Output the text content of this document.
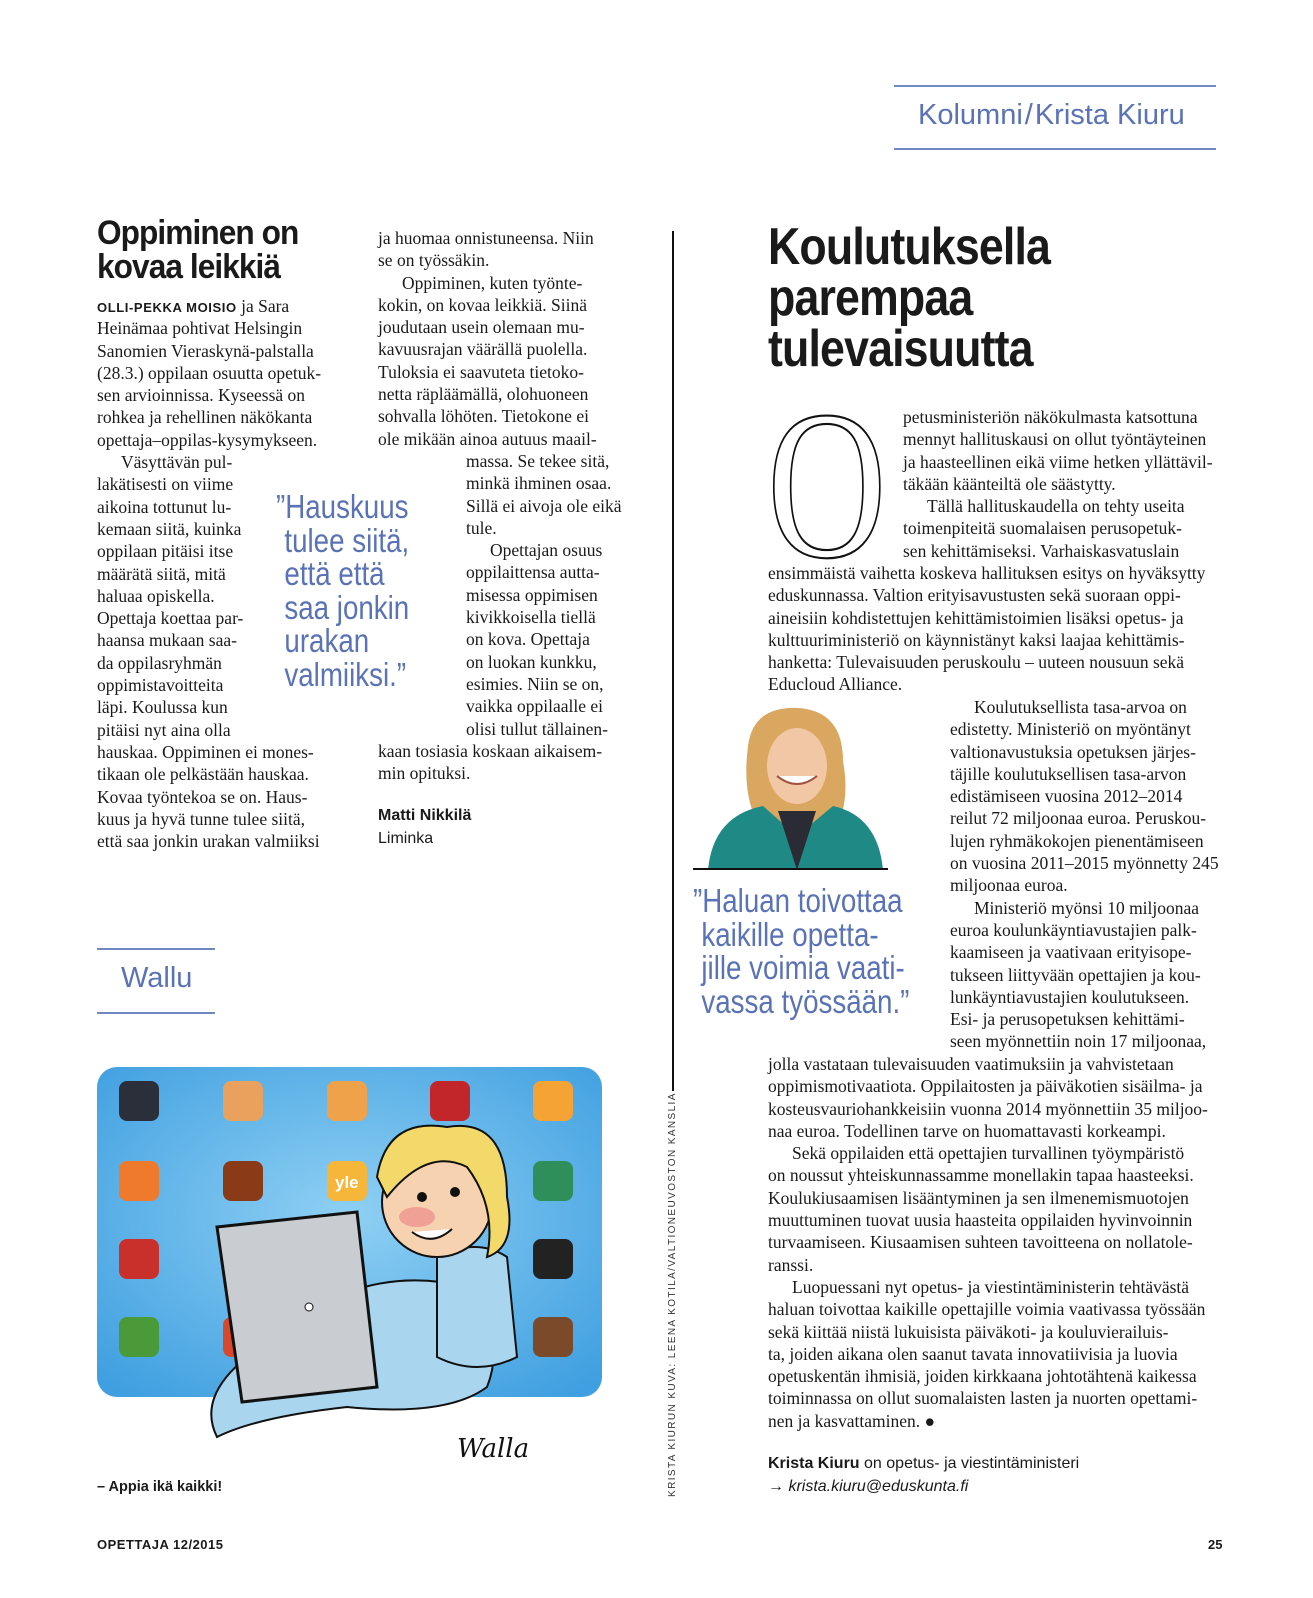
Kolumni/Krista Kiuru
Oppiminen on
kovaa leikkiä
OLLI-PEKKA MOISIO ja Sara
Heinämaa pohtivat Helsingin
Sanomien Vieraskynä-palstalla
(28.3.) oppilaan osuutta opetuk-
sen arvioinnissa. Kyseessä on
rohkea ja rehellinen näkökanta
opettaja–oppilas-kysymykseen.
Väsyttävän pul-
lakätisesti on viime
aikoina tottunut lu-
kemaan siitä, kuinka
oppilaan pitäisi itse
määrätä siitä, mitä
haluaa opiskella.
Opettaja koettaa par-
haansa mukaan saa-
da oppilasryhmän
oppimistavoitteita
läpi. Koulussa kun
pitäisi nyt aina olla
hauskaa. Oppiminen ei mones-
tikaan ole pelkästään hauskaa.
Kovaa työntekoa se on. Haus-
kuus ja hyvä tunne tulee siitä,
että saa jonkin urakan valmiiksi
ja huomaa onnistuneensa. Niin
se on työssäkin.
Oppiminen, kuten työnte-
kokin, on kovaa leikkiä. Siinä
joudutaan usein olemaan mu-
kavuusrajan väärällä puolella.
Tuloksia ei saavuteta tietoko-
netta räpläämällä, olohuoneen
sohvalla löhöten. Tietokone ei
ole mikään ainoa autuus maail-
massa. Se tekee sitä,
minkä ihminen osaa.
Sillä ei aivoja ole eikä
tule.
Opettajan osuus
oppilaittensa autta-
misessa oppimisen
kivikkoisella tiellä
on kova. Opettaja
on luokan kunkku,
esimies. Niin se on,
vaikka oppilaalle ei
olisi tullut tällainen-
kaan tosiasia koskaan aikaisem-
min opituksi.
”Hauskuus
tulee siitä,
että että
saa jonkin
urakan
valmiiksi.”
Matti Nikkilä
Liminka
Wallu
yle
Walla
– Appia ikä kaikki!	KRISTA KIURUN KUVA: LEENA KOTILA/VALTIONEUVOSTON KANSLIA
Koulutuksella
parempaa
tulevaisuutta
O petusministeriön näkökulmasta katsottuna
mennyt hallituskausi on ollut työntäyteinen
ja haasteellinen eikä viime hetken yllättävil-
täkään käänteiltä ole säästytty.
Tällä hallituskaudella on tehty useita
toimenpiteitä suomalaisen perusopetuk-
sen kehittämiseksi. Varhaiskasvatuslain
ensimmäistä vaihetta koskeva hallituksen esitys on hyväksytty
eduskunnassa. Valtion erityisavustusten sekä suoraan oppi-
aineisiin kohdistettujen kehittämistoimien lisäksi opetus- ja
kulttuuriministeriö on käynnistänyt kaksi laajaa kehittämis-
hanketta: Tulevaisuuden peruskoulu – uuteen nousuun sekä
Educloud Alliance.
Koulutuksellista tasa-arvoa on
edistetty. Ministeriö on myöntänyt
valtionavustuksia opetuksen järjes-
täjille koulutuksellisen tasa-arvon
edistämiseen vuosina 2012–2014
reilut 72 miljoonaa euroa. Peruskou-
lujen ryhmäkokojen pienentämiseen
on vuosina 2011–2015 myönnetty 245
miljoonaa euroa.
Ministeriö myönsi 10 miljoonaa
euroa koulunkäyntiavustajien palk-
kaamiseen ja vaativaan erityisope-
tukseen liittyvään opettajien ja kou-
lunkäyntiavustajien koulutukseen.
Esi- ja perusopetuksen kehittämi-
seen myönnettiin noin 17 miljoonaa,
jolla vastataan tulevaisuuden vaatimuksiin ja vahvistetaan
oppimismotivaatiota. Oppilaitosten ja päiväkotien sisäilma- ja
kosteusvauriohankkeisiin vuonna 2014 myönnettiin 35 miljoo-
naa euroa. Todellinen tarve on huomattavasti korkeampi.
Sekä oppilaiden että opettajien turvallinen työympäristö
on noussut yhteiskunnassamme monellakin tapaa haasteeksi.
Koulukiusaamisen lisääntyminen ja sen ilmenemismuotojen
muuttuminen tuovat uusia haasteita oppilaiden hyvinvoinnin
turvaamiseen. Kiusaamisen suhteen tavoitteena on nollatole-
ranssi.
Luopuessani nyt opetus- ja viestintäministerin tehtävästä
haluan toivottaa kaikille opettajille voimia vaativassa työssään
sekä kiittää niistä lukuisista päiväkoti- ja kouluvierailuis-
ta, joiden aikana olen saanut tavata innovatiivisia ja luovia
opetuskentän ihmisiä, joiden kirkkaana johtotähtenä kaikessa
toiminnassa on ollut suomalaisten lasten ja nuorten opettami-
nen ja kasvattaminen. ●
”Haluan toivottaa
kaikille opetta-
jille voimia vaati-
vassa työssään.”
Krista Kiuru on opetus- ja viestintäministeri
→ krista.kiuru@eduskunta.fi
OPETTAJA 12/2015	25
